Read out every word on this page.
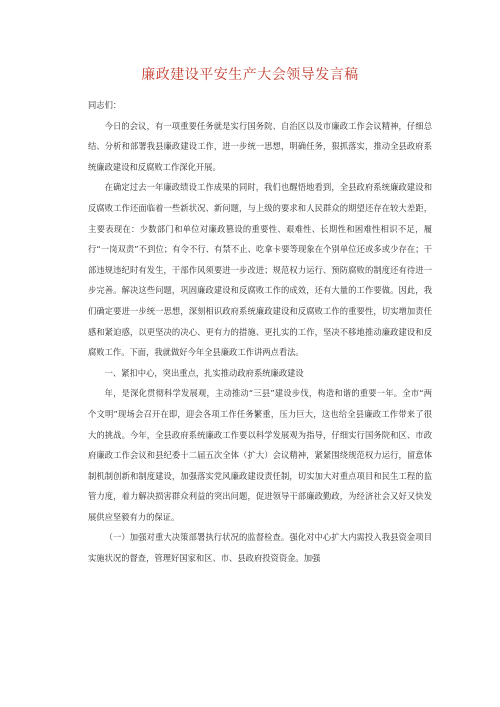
廉政建设平安生产大会领导发言稿

同志们：

今日的会议，有一项重要任务就是实行国务院、自治区以及市廉政工作会议精神，仔细总结、分析和部署我县廉政建设工作，进一步统一思想，明确任务，狠抓落实，推动全县政府系统廉政建设和反腐败工作深化开展。

在确定过去一年廉政绩设工作成果的同时，我们也醒悟地看到，全县政府系统廉政建设和反腐败工作还面临着一些新状况、新问题，与上级的要求和人民群众的期望还存在较大差距，主要表现在：少数部门和单位对廉政篡设的重要性、艰难性、长期性和困难性相识不足，履行“一岗双责”不到位；有令不行、有禁不止、吃拿卡要等现象在个别单位还或多或少存在；干部违规违纪时有发生，干部作风须要进一步改进；规范权力运行、预防腐败的制度还有待进一步完善。解决这些问题，巩固廉政建设和反腐败工作的成效，还有大量的工作要做。因此，我们确定要进一步统一思想，深刻相识政府系统廉政建设和反腐败工作的重要性，切实增加责任感和紧迫感，以更坚决的决心、更有力的措施、更扎实的工作，坚决不移地推动廉政建设和反腐败工作。下面，我就做好今年全县廉政工作讲两点看法。

一、紧扣中心，突出重点，扎实推动政府系统廉政建设

年，是深化贯彻科学发展观，主动推动“三县”建设步伐，构造和谐的重要一年。全市“两个文明”现场会召开在即，迎会各项工作任务繁重，压力巨大，这也给全县廉政工作带来了很大的挑战。今年，全县政府系统廉政工作要以科学发展观为指导，仔细实行国务院和区、市政府廉政工作会议和县纪委十二届五次全体（扩大）会议精神，紧紧围绕规范权力运行，留意体制机制创新和制度建设，加强落实党风廉政建设责任制，切实加大对重点项目和民生工程的监管力度，着力解决损害群众利益的突出问题，促进领导干部廉政勤政，为经济社会又好又快发展供应坚毅有力的保证。

（一）加强对重大决策部署执行状况的监督检查。强化对中心扩大内需投入我县资金项目实施状况的督查，管理好国家和区、市、县政府投资资金。加强
